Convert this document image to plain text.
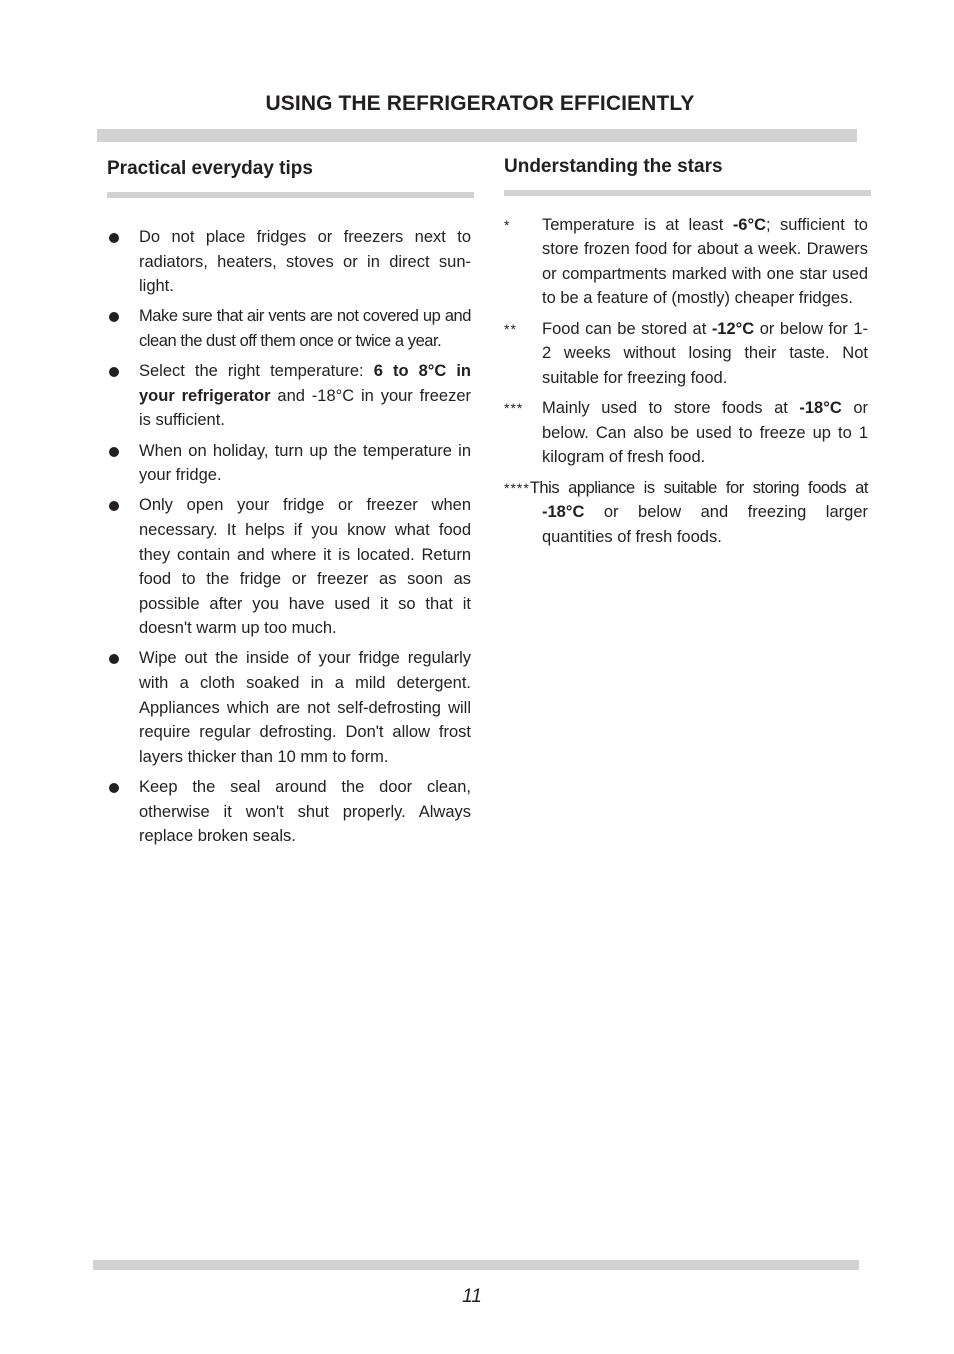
USING THE REFRIGERATOR EFFICIENTLY
Practical everyday tips
Do not place fridges or freezers next to radiators, heaters, stoves or in direct sun-light.
Make sure that air vents are not covered up and clean the dust off them once or twice a year.
Select the right temperature: 6 to 8°C in your refrigerator and -18°C in your freezer is sufficient.
When on holiday, turn up the temperature in your fridge.
Only open your fridge or freezer when necessary. It helps if you know what food they contain and where it is located. Return food to the fridge or freezer as soon as possible after you have used it so that it doesn't warm up too much.
Wipe out the inside of your fridge regularly with a cloth soaked in a mild detergent. Appliances which are not self-defrosting will require regular defrosting. Don't allow frost layers thicker than 10 mm to form.
Keep the seal around the door clean, otherwise it won't shut properly. Always replace broken seals.
Understanding the stars
* Temperature is at least -6°C; sufficient to store frozen food for about a week. Drawers or compartments marked with one star used to be a feature of (mostly) cheaper fridges.
** Food can be stored at -12°C or below for 1-2 weeks without losing their taste. Not suitable for freezing food.
*** Mainly used to store foods at -18°C or below. Can also be used to freeze up to 1 kilogram of fresh food.
****This appliance is suitable for storing foods at -18°C or below and freezing larger quantities of fresh foods.
11
